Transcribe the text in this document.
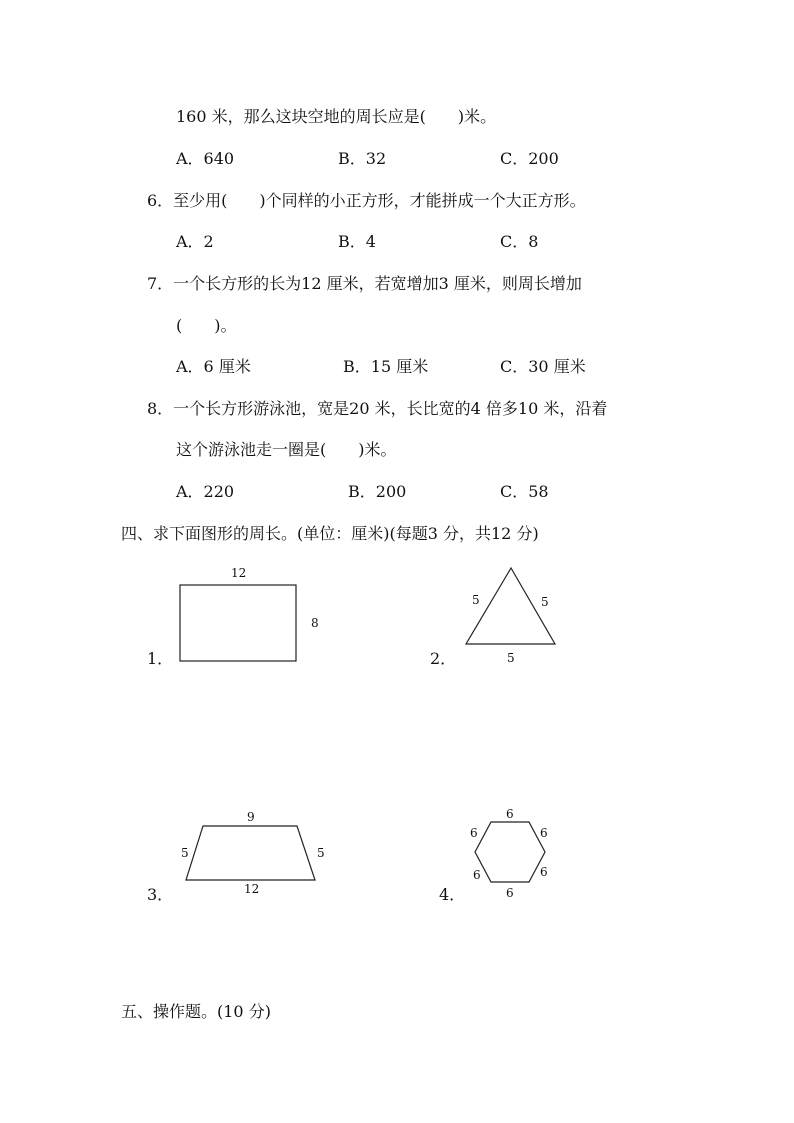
160 米，那么这块空地的周长应是(　　)米。
A．640	B．32	C．200
6．至少用(　　)个同样的小正方形，才能拼成一个大正方形。
A．2	B．4	C．8
7．一个长方形的长为12 厘米，若宽增加3 厘米，则周长增加
(　　)。
A．6 厘米	B．15 厘米	C．30 厘米
8．一个长方形游泳池，宽是20 米，长比宽的4 倍多10 米，沿着
这个游泳池走一圈是(　　)米。
A．220	B．200	C．58
四、求下面图形的周长。(单位：厘米)(每题3 分，共12 分)
1．
12
8
2．
5	5
5
3．
9
5	5
12	4．
6
6	6
6	6
6
五、操作题。(10 分)
